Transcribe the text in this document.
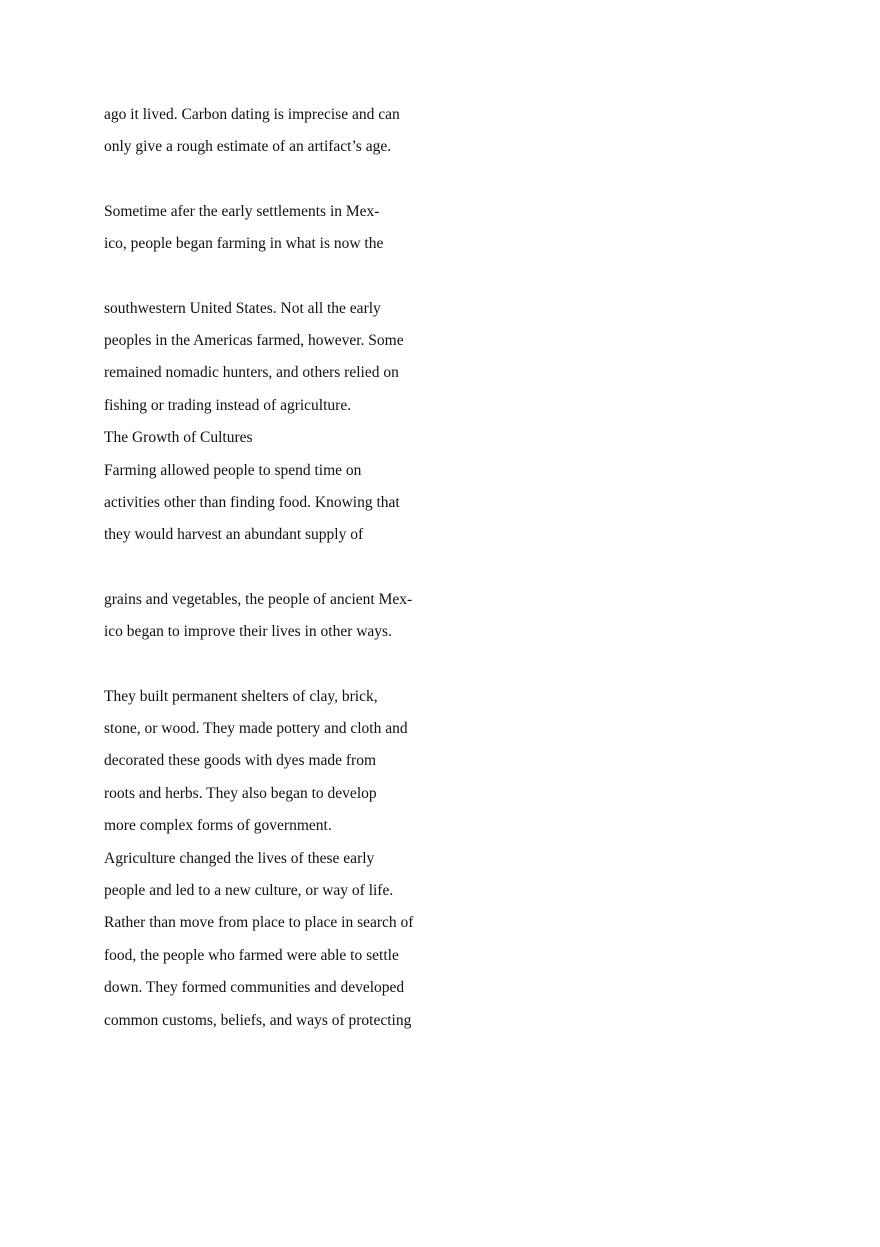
ago it lived. Carbon dating is imprecise and can

only give a rough estimate of an artifact’s age.

Sometime afer the early settlements in Mex-

ico, people began farming in what is now the

southwestern United States. Not all the early

peoples in the Americas farmed, however. Some

remained nomadic hunters, and others relied on

fishing or trading instead of agriculture.

The Growth of Cultures

Farming allowed people to spend time on

activities other than finding food. Knowing that

they would harvest an abundant supply of

grains and vegetables, the people of ancient Mex-

ico began to improve their lives in other ways.

They built permanent shelters of clay, brick,

stone, or wood. They made pottery and cloth and

decorated these goods with dyes made from

roots and herbs. They also began to develop

more complex forms of government.

Agriculture changed the lives of these early

people and led to a new culture, or way of life.

Rather than move from place to place in search of

food, the people who farmed were able to settle

down. They formed communities and developed

common customs, beliefs, and ways of protecting
